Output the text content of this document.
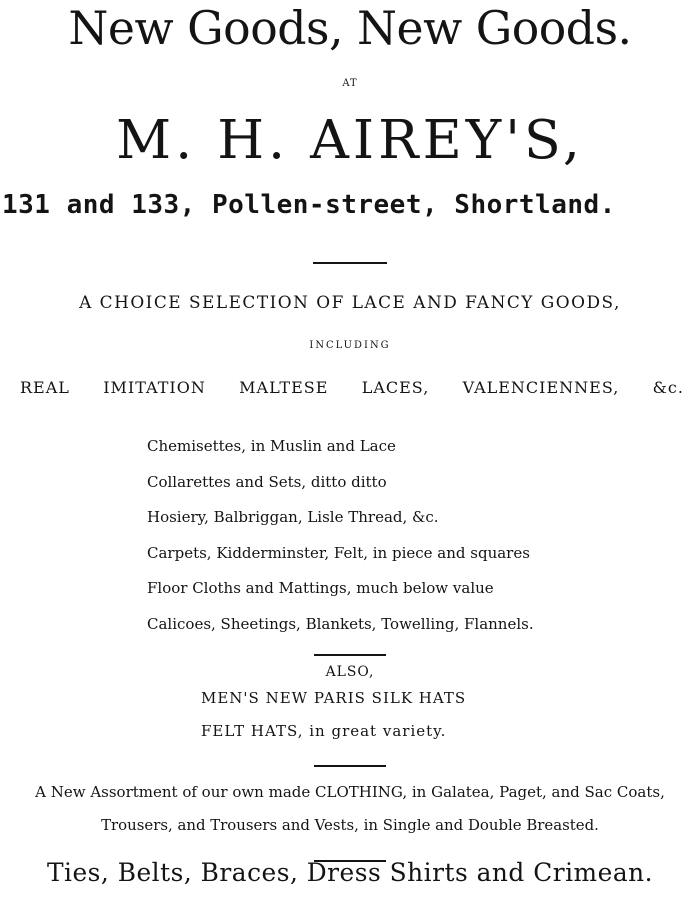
New Goods, New Goods.
AT
M. H. AIREY'S,
131 and 133, Pollen-street, Shortland.
A CHOICE SELECTION OF LACE AND FANCY GOODS,
INCLUDING
REAL IMITATION MALTESE LACES, VALENCIENNES, &c.
Chemisettes, in Muslin and Lace
Collarettes and Sets, ditto ditto
Hosiery, Balbriggan, Lisle Thread, &c.
Carpets, Kidderminster, Felt, in piece and squares
Floor Cloths and Mattings, much below value
Calicoes, Sheetings, Blankets, Towelling, Flannels.
ALSO,
MEN'S NEW PARIS SILK HATS
FELT HATS, in great variety.
A New Assortment of our own made CLOTHING, in Galatea, Paget, and Sac Coats,
Trousers, and Trousers and Vests, in Single and Double Breasted.
Ties, Belts, Braces, Dress Shirts and Crimean.
